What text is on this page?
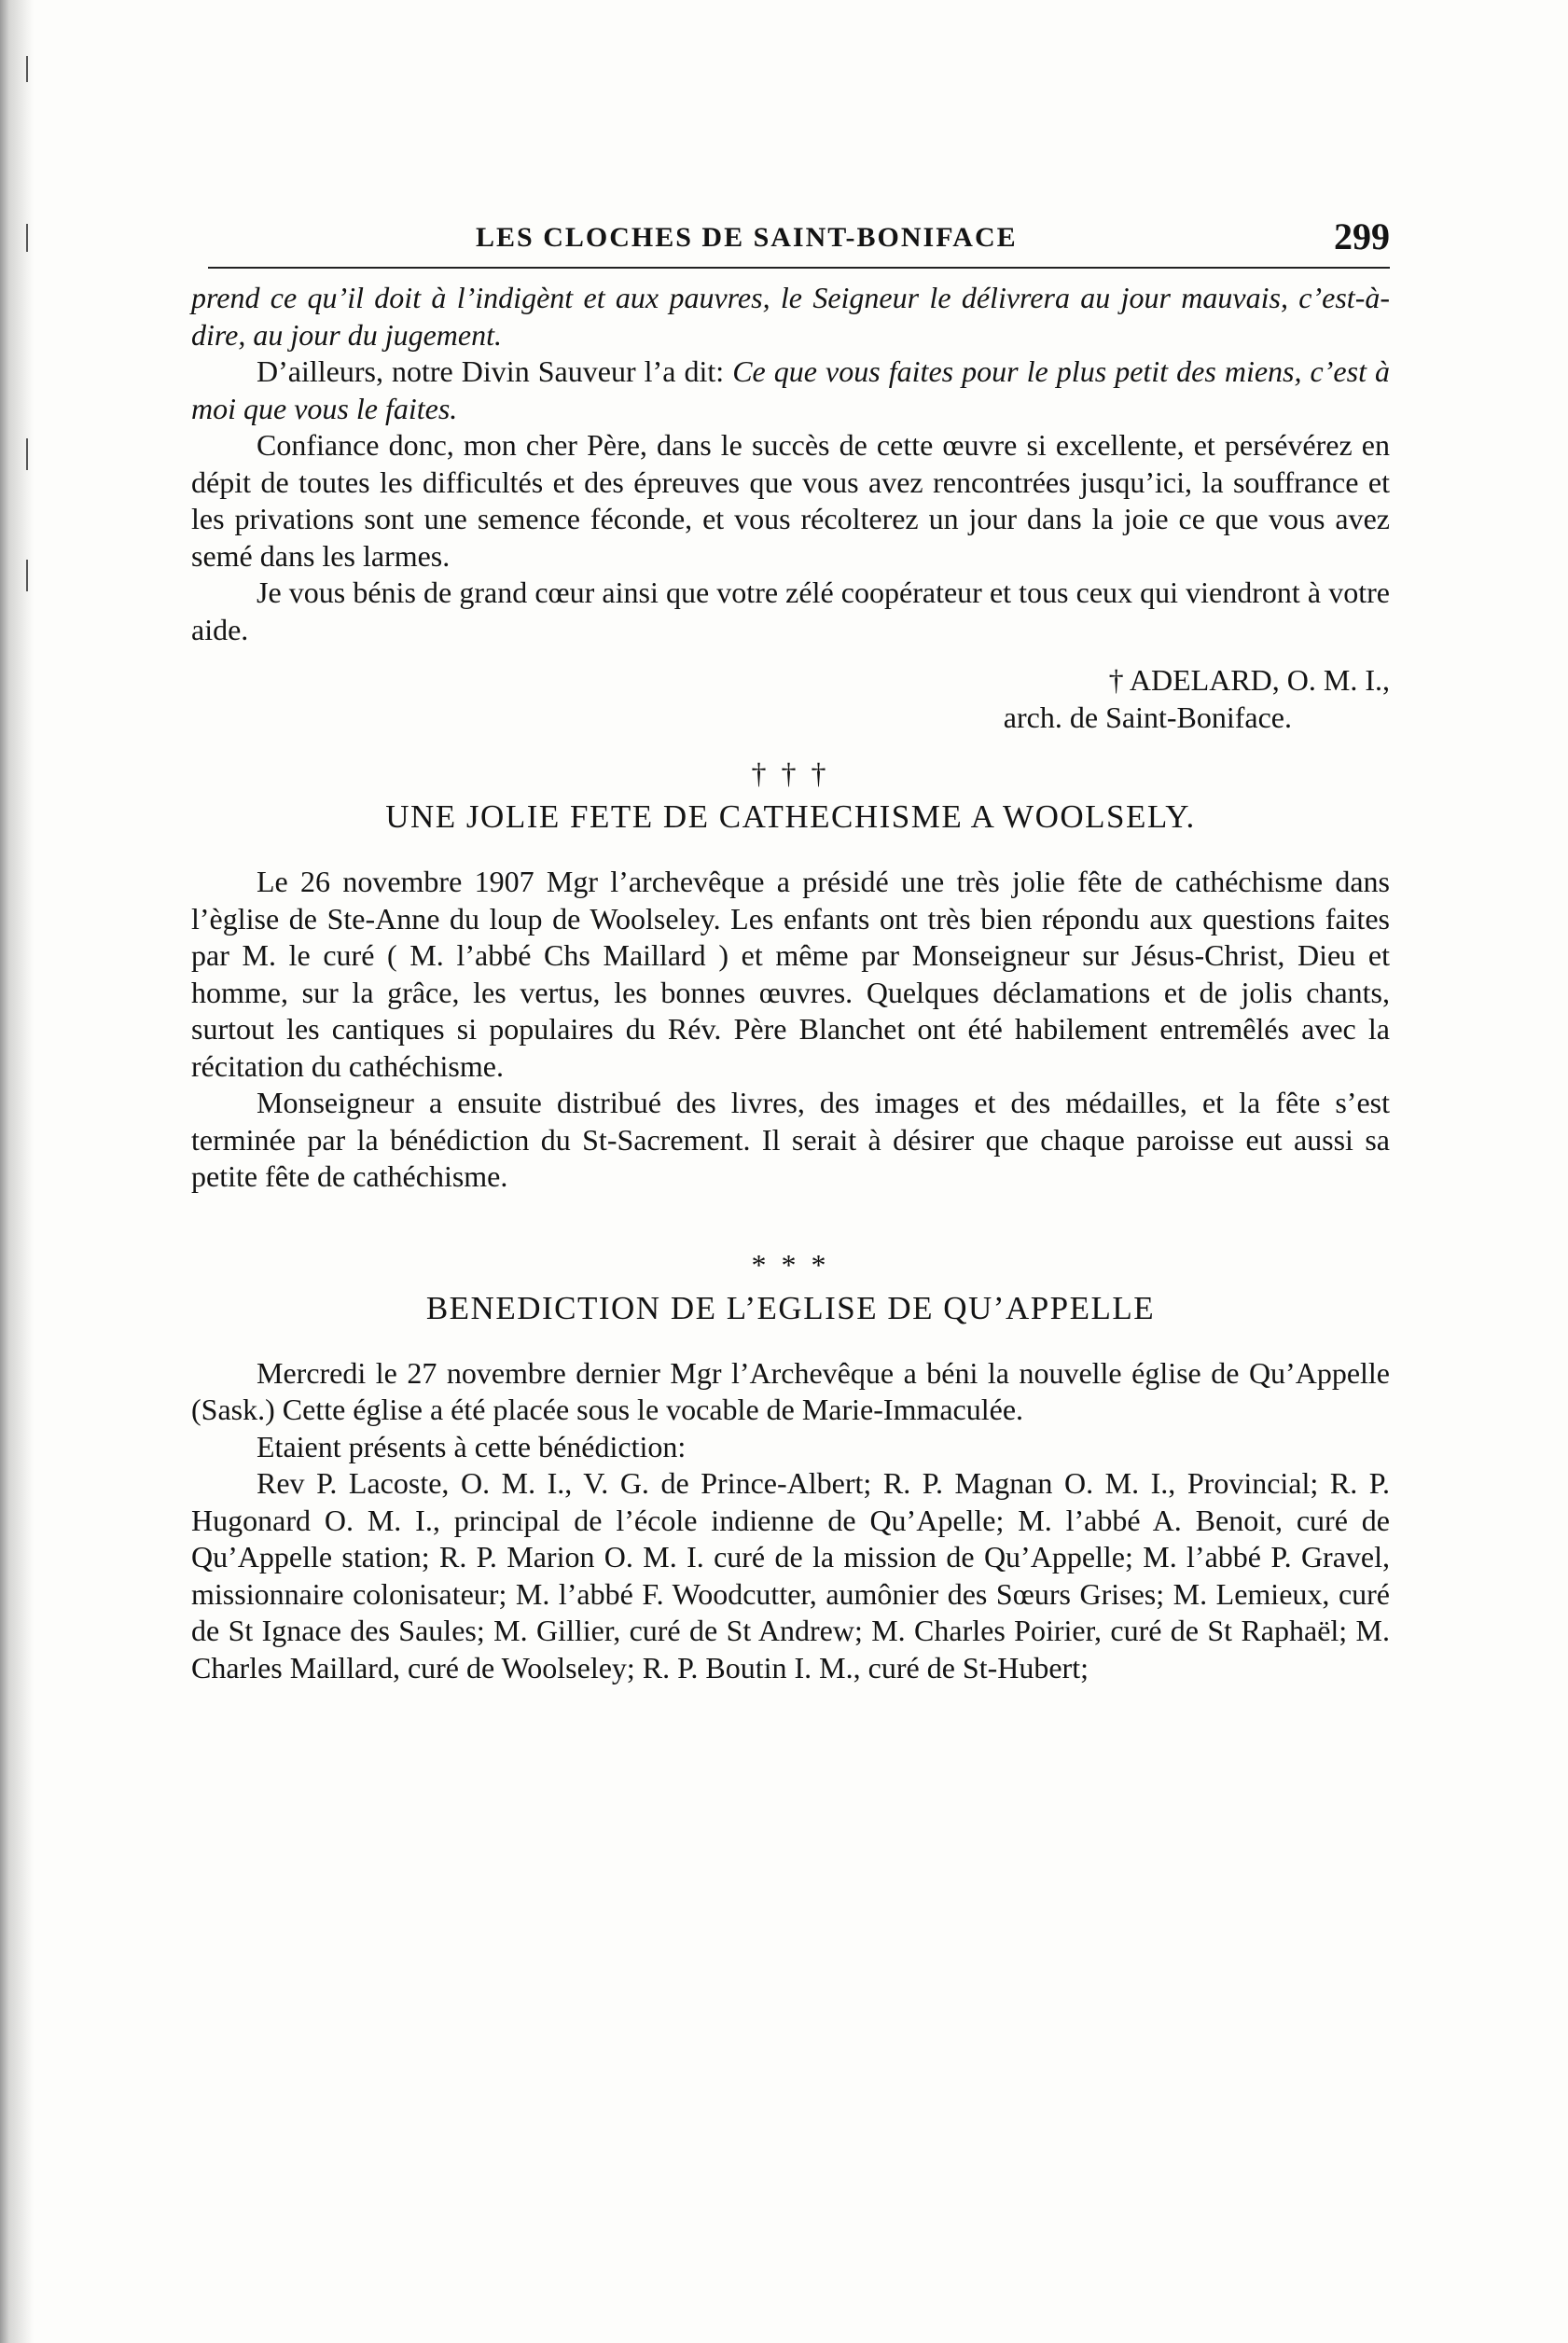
LES CLOCHES DE SAINT-BONIFACE	299

prend ce qu’il doit à l’indigènt et aux pauvres, le Seigneur le délivrera au jour mauvais, c’est-à-dire, au jour du jugement.

D’ailleurs, notre Divin Sauveur l’a dit: Ce que vous faites pour le plus petit des miens, c’est à moi que vous le faites.

Confiance donc, mon cher Père, dans le succès de cette œuvre si excellente, et persévérez en dépit de toutes les difficultés et des épreuves que vous avez rencontrées jusqu’ici, la souffrance et les privations sont une semence féconde, et vous récolterez un jour dans la joie ce que vous avez semé dans les larmes.

Je vous bénis de grand cœur ainsi que votre zélé coopérateur et tous ceux qui viendront à votre aide.

† ADELARD, O. M. I.,
arch. de Saint-Boniface.
† † †
UNE JOLIE FETE DE CATHECHISME A WOOLSELY.

Le 26 novembre 1907 Mgr l’archevêque a présidé une très jolie fête de cathéchisme dans l’èglise de Ste-Anne du loup de Woolseley. Les enfants ont très bien répondu aux questions faites par M. le curé ( M. l’abbé Chs Maillard ) et même par Monseigneur sur Jésus-Christ, Dieu et homme, sur la grâce, les vertus, les bonnes œuvres. Quelques déclamations et de jolis chants, surtout les cantiques si populaires du Rév. Père Blanchet ont été habilement entremêlés avec la récitation du cathéchisme.

Monseigneur a ensuite distribué des livres, des images et des médailles, et la fête s’est terminée par la bénédiction du St-Sacrement. Il serait à désirer que chaque paroisse eut aussi sa petite fête de cathéchisme.

* * *
BENEDICTION DE L’EGLISE DE QU’APPELLE

Mercredi le 27 novembre dernier Mgr l’Archevêque a béni la nouvelle église de Qu’Appelle (Sask.) Cette église a été placée sous le vocable de Marie-Immaculée.

Etaient présents à cette bénédiction:

Rev P. Lacoste, O. M. I., V. G. de Prince-Albert; R. P. Magnan O. M. I., Provincial; R. P. Hugonard O. M. I., principal de l’école indienne de Qu’Apelle; M. l’abbé A. Benoit, curé de Qu’Appelle station; R. P. Marion O. M. I. curé de la mission de Qu’Appelle; M. l’abbé P. Gravel, missionnaire colonisateur; M. l’abbé F. Woodcutter, aumônier des Sœurs Grises; M. Lemieux, curé de St Ignace des Saules; M. Gillier, curé de St Andrew; M. Charles Poirier, curé de St Raphaël; M. Charles Maillard, curé de Woolseley; R. P. Boutin I. M., curé de St-Hubert;
